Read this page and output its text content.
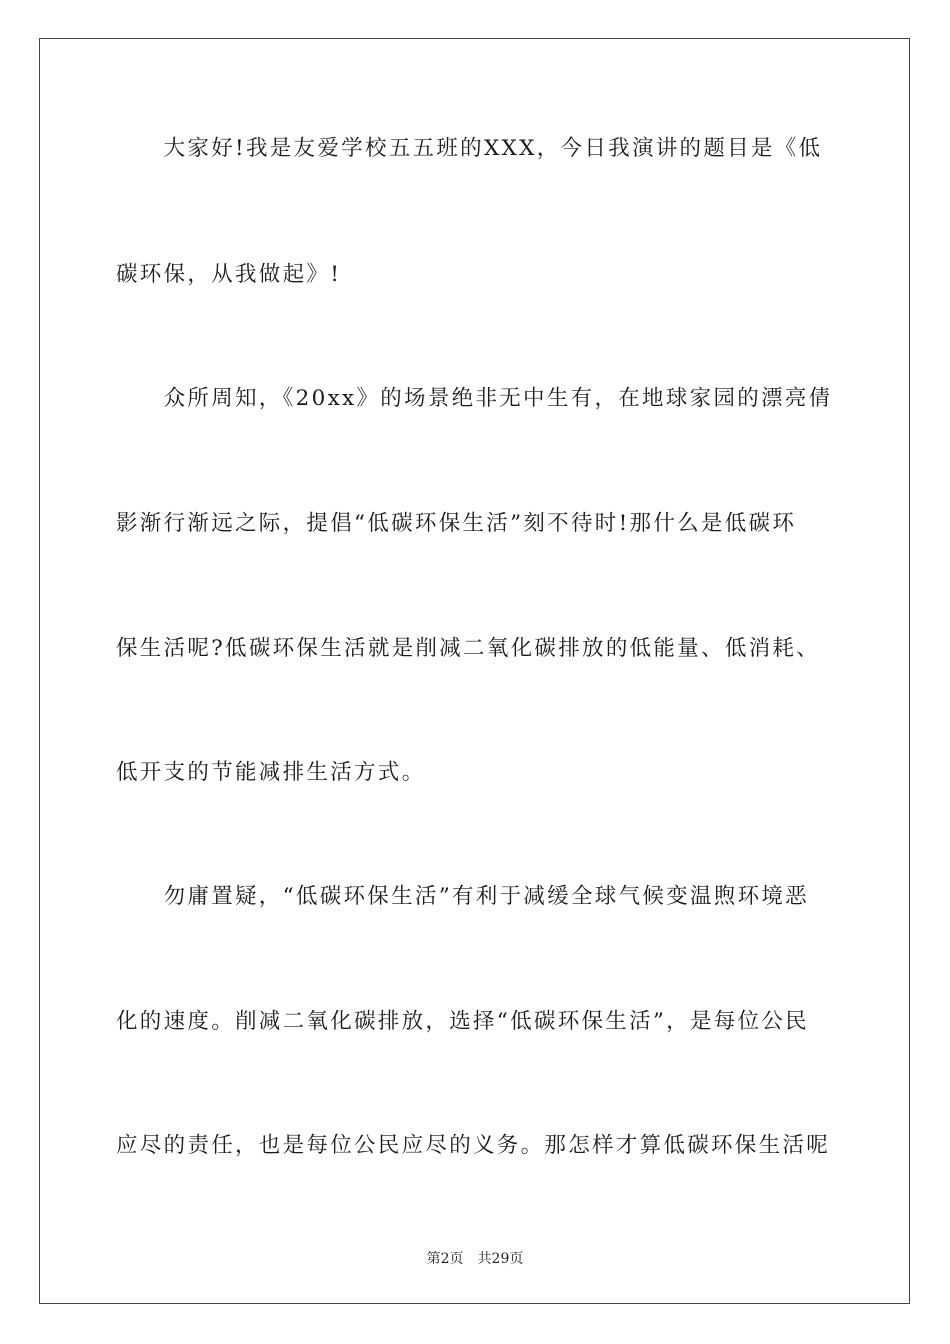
　　大家好!我是友爱学校五五班的XXX，今日我演讲的题目是《低
碳环保，从我做起》!
　　众所周知，《20xx》的场景绝非无中生有，在地球家园的漂亮倩
影渐行渐远之际，提倡“低碳环保生活”刻不待时!那什么是低碳环
保生活呢?低碳环保生活就是削减二氧化碳排放的低能量、低消耗、
低开支的节能减排生活方式。
　　勿庸置疑，“低碳环保生活”有利于减缓全球气候变温煦环境恶
化的速度。削减二氧化碳排放，选择“低碳环保生活”，是每位公民
应尽的责任，也是每位公民应尽的义务。那怎样才算低碳环保生活呢
第2页 共29页
